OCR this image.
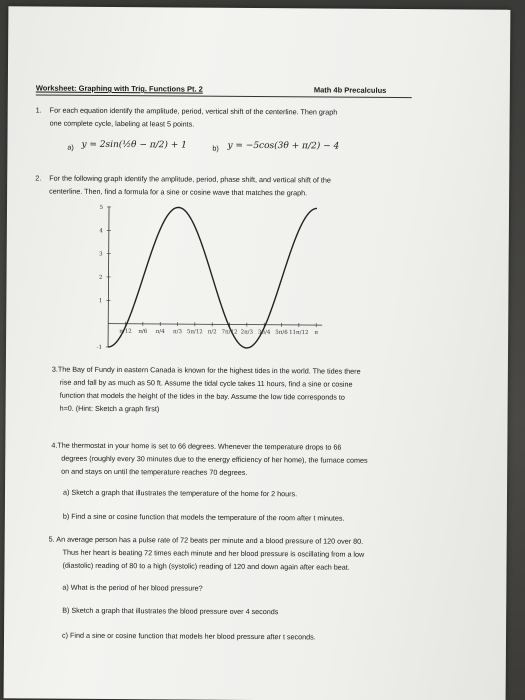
Worksheet: Graphing with Trig. Functions Pt. 2	Math 4b Precalculus
1. For each equation identify the amplitude, period, vertical shift of the centerline. Then graph
one complete cycle, labeling at least 5 points.
a) y = 2sin(½θ − π/2) + 1	b) y = −5cos(3θ + π/2) − 4
2. For the following graph identify the amplitude, period, phase shift, and vertical shift of the
centerline. Then, find a formula for a sine or cosine wave that matches the graph.
5
4
3
2
1
-1
π/12 π/6 π/4 π/3 5π/12 π/2 7π/12 2π/3 3π/4 5π/6 11π/12 π
3.The Bay of Fundy in eastern Canada is known for the highest tides in the world. The tides there
rise and fall by as much as 50 ft. Assume the tidal cycle takes 11 hours, find a sine or cosine
function that models the height of the tides in the bay. Assume the low tide corresponds to
h=0. (Hint: Sketch a graph first)
4.The thermostat in your home is set to 66 degrees. Whenever the temperature drops to 66
degrees (roughly every 30 minutes due to the energy efficiency of her home), the furnace comes
on and stays on until the temperature reaches 70 degrees.
a) Sketch a graph that illustrates the temperature of the home for 2 hours.
b) Find a sine or cosine function that models the temperature of the room after t minutes.
5. An average person has a pulse rate of 72 beats per minute and a blood pressure of 120 over 80.
Thus her heart is beating 72 times each minute and her blood pressure is oscillating from a low
(diastolic) reading of 80 to a high (systolic) reading of 120 and down again after each beat.
a) What is the period of her blood pressure?
B) Sketch a graph that illustrates the blood pressure over 4 seconds
c) Find a sine or cosine function that models her blood pressure after t seconds.
